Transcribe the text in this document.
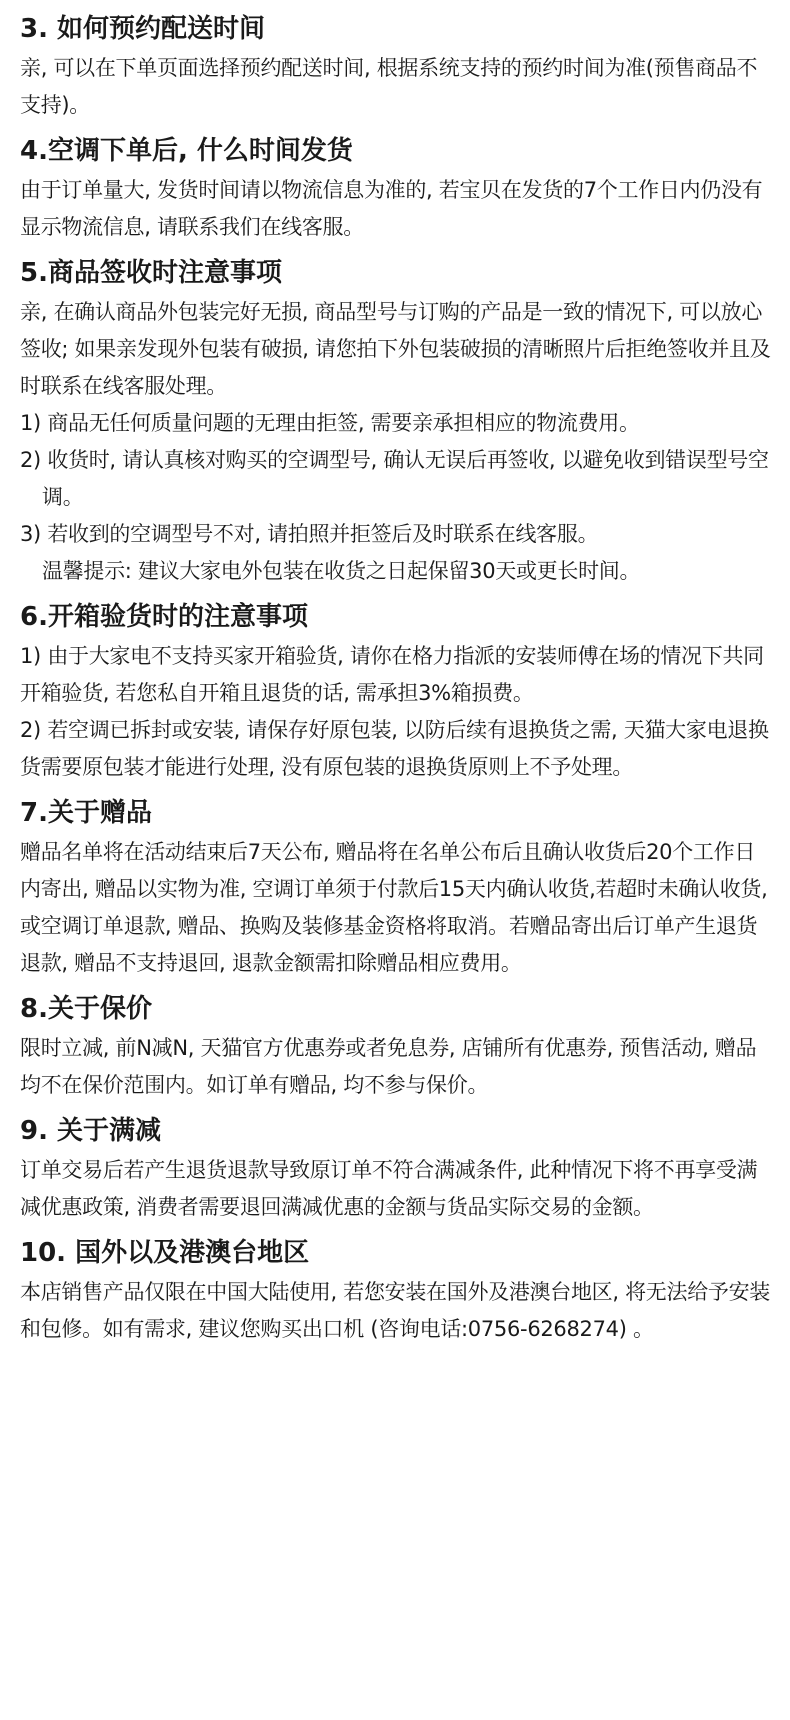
3. 如何预约配送时间

亲, 可以在下单页面选择预约配送时间, 根据系统支持的预约时间为准(预售商品不支持)。

4.空调下单后, 什么时间发货

由于订单量大, 发货时间请以物流信息为准的, 若宝贝在发货的7个工作日内仍没有显示物流信息, 请联系我们在线客服。

5.商品签收时注意事项

亲, 在确认商品外包装完好无损, 商品型号与订购的产品是一致的情况下, 可以放心签收; 如果亲发现外包装有破损, 请您拍下外包装破损的清晰照片后拒绝签收并且及时联系在线客服处理。

1) 商品无任何质量问题的无理由拒签, 需要亲承担相应的物流费用。

2) 收货时, 请认真核对购买的空调型号, 确认无误后再签收, 以避免收到错误型号空调。

3) 若收到的空调型号不对, 请拍照并拒签后及时联系在线客服。

温馨提示: 建议大家电外包装在收货之日起保留30天或更长时间。

6.开箱验货时的注意事项

1) 由于大家电不支持买家开箱验货, 请你在格力指派的安装师傅在场的情况下共同开箱验货, 若您私自开箱且退货的话, 需承担3%箱损费。

2) 若空调已拆封或安装, 请保存好原包装, 以防后续有退换货之需, 天猫大家电退换货需要原包装才能进行处理, 没有原包装的退换货原则上不予处理。

7.关于赠品

赠品名单将在活动结束后7天公布, 赠品将在名单公布后且确认收货后20个工作日内寄出, 赠品以实物为准, 空调订单须于付款后15天内确认收货,若超时未确认收货, 或空调订单退款, 赠品、换购及装修基金资格将取消。若赠品寄出后订单产生退货退款, 赠品不支持退回, 退款金额需扣除赠品相应费用。

8.关于保价

限时立减, 前N减N, 天猫官方优惠券或者免息券, 店铺所有优惠券, 预售活动, 赠品均不在保价范围内。如订单有赠品, 均不参与保价。

9. 关于满减

订单交易后若产生退货退款导致原订单不符合满减条件, 此种情况下将不再享受满减优惠政策, 消费者需要退回满减优惠的金额与货品实际交易的金额。

10. 国外以及港澳台地区

本店销售产品仅限在中国大陆使用, 若您安装在国外及港澳台地区, 将无法给予安装和包修。如有需求, 建议您购买出口机 (咨询电话:0756-6268274) 。
